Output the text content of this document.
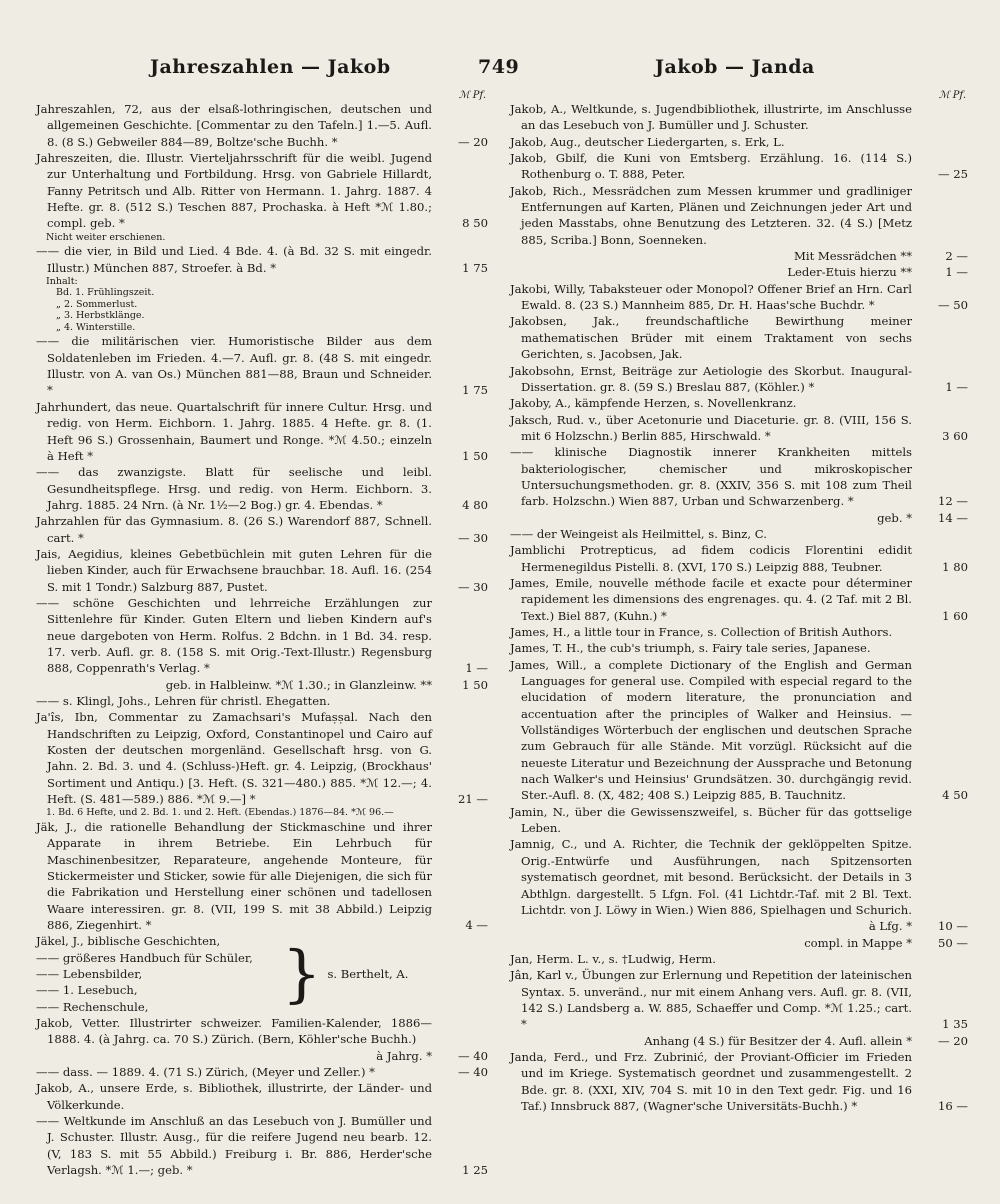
Jahreszahlen — Jakob	749	Jakob — Janda
ℳ Pf.
Jahreszahlen, 72, aus der elsaß-lothringischen, deutschen und allgemeinen Geschichte. [Commentar zu den Tafeln.] 1.—5. Aufl. 8. (8 S.) Gebweiler 884—89, Boltze'sche Buchh. *	— 20
Jahreszeiten, die. Illustr. Vierteljahrsschrift für die weibl. Jugend zur Unterhaltung und Fortbildung. Hrsg. von Gabriele Hillardt, Fanny Petritsch und Alb. Ritter von Hermann. 1. Jahrg. 1887. 4 Hefte. gr. 8. (512 S.) Teschen 887, Prochaska. à Heft *ℳ 1.80.; compl. geb. *	8 50
Nicht weiter erschienen.
—— die vier, in Bild und Lied. 4 Bde. 4. (à Bd. 32 S. mit eingedr. Illustr.) München 887, Stroefer. à Bd. *	1 75
Inhalt:
Bd. 1. Frühlingszeit.
„ 2. Sommerlust.
„ 3. Herbstklänge.
„ 4. Winterstille.
—— die militärischen vier. Humoristische Bilder aus dem Soldatenleben im Frieden. 4.—7. Aufl. gr. 8. (48 S. mit eingedr. Illustr. von A. van Os.) München 881—88, Braun und Schneider. *	1 75
Jahrhundert, das neue. Quartalschrift für innere Cultur. Hrsg. und redig. von Herm. Eichborn. 1. Jahrg. 1885. 4 Hefte. gr. 8. (1. Heft 96 S.) Grossenhain, Baumert und Ronge. *ℳ 4.50.; einzeln à Heft *	1 50
—— das zwanzigste. Blatt für seelische und leibl. Gesundheitspflege. Hrsg. und redig. von Herm. Eichborn. 3. Jahrg. 1885. 24 Nrn. (à Nr. 1½—2 Bog.) gr. 4. Ebendas. *	4 80
Jahrzahlen für das Gymnasium. 8. (26 S.) Warendorf 887, Schnell. cart. *	— 30
Jais, Aegidius, kleines Gebetbüchlein mit guten Lehren für die lieben Kinder, auch für Erwachsene brauchbar. 18. Aufl. 16. (254 S. mit 1 Tondr.) Salzburg 887, Pustet.	— 30
—— schöne Geschichten und lehrreiche Erzählungen zur Sittenlehre für Kinder. Guten Eltern und lieben Kindern auf's neue dargeboten von Herm. Rolfus. 2 Bdchn. in 1 Bd. 34. resp. 17. verb. Aufl. gr. 8. (158 S. mit Orig.-Text-Illustr.) Regensburg 888, Coppenrath's Verlag. *	1 —
geb. in Halbleinw. *ℳ 1.30.; in Glanzleinw. **	1 50
—— s. Klingl, Johs., Lehren für christl. Ehegatten.
Ja'îs, Ibn, Commentar zu Zamachsari's Mufaṣṣal. Nach den Handschriften zu Leipzig, Oxford, Constantinopel und Cairo auf Kosten der deutschen morgenländ. Gesellschaft hrsg. von G. Jahn. 2. Bd. 3. und 4. (Schluss-)Heft. gr. 4. Leipzig, (Brockhaus' Sortiment und Antiqu.) [3. Heft. (S. 321—480.) 885. *ℳ 12.—; 4. Heft. (S. 481—589.) 886. *ℳ 9.—] *	21 —
1. Bd. 6 Hefte, und 2. Bd. 1. und 2. Heft. (Ebendas.) 1876—84. *ℳ 96.—
Jäk, J., die rationelle Behandlung der Stickmaschine und ihrer Apparate in ihrem Betriebe. Ein Lehrbuch für Maschinenbesitzer, Reparateure, angehende Monteure, für Stickermeister und Sticker, sowie für alle Diejenigen, die sich für die Fabrikation und Herstellung einer schönen und tadellosen Waare interessiren. gr. 8. (VII, 199 S. mit 38 Abbild.) Leipzig 886, Ziegenhirt. *	4 —
Jäkel, J., biblische Geschichten,
—— größeres Handbuch für Schüler,
—— Lebensbilder,
—— 1. Lesebuch,
—— Rechenschule,	} s. Berthelt, A.
Jakob, Vetter. Illustrirter schweizer. Familien-Kalender, 1886—1888. 4. (à Jahrg. ca. 70 S.) Zürich. (Bern, Köhler'sche Buchh.)
à Jahrg. *	— 40
—— dass. — 1889. 4. (71 S.) Zürich, (Meyer und Zeller.) *	— 40
Jakob, A., unsere Erde, s. Bibliothek, illustrirte, der Länder- und Völkerkunde.
—— Weltkunde im Anschluß an das Lesebuch von J. Bumüller und J. Schuster. Illustr. Ausg., für die reifere Jugend neu bearb. 12. (V, 183 S. mit 55 Abbild.) Freiburg i. Br. 886, Herder'sche Verlagsh. *ℳ 1.—; geb. *	1 25
ℳ Pf.
Jakob, A., Weltkunde, s. Jugendbibliothek, illustrirte, im Anschlusse an das Lesebuch von J. Bumüller und J. Schuster.
Jakob, Aug., deutscher Liedergarten, s. Erk, L.
Jakob, Gbilf, die Kuni von Emtsberg. Erzählung. 16. (114 S.) Rothenburg o. T. 888, Peter.	— 25
Jakob, Rich., Messrädchen zum Messen krummer und gradliniger Entfernungen auf Karten, Plänen und Zeichnungen jeder Art und jeden Masstabs, ohne Benutzung des Letzteren. 32. (4 S.) [Metz 885, Scriba.] Bonn, Soenneken.
Mit Messrädchen **	2 —
Leder-Etuis hierzu **	1 —
Jakobi, Willy, Tabaksteuer oder Monopol? Offener Brief an Hrn. Carl Ewald. 8. (23 S.) Mannheim 885, Dr. H. Haas'sche Buchdr. *	— 50
Jakobsen, Jak., freundschaftliche Bewirthung meiner mathematischen Brüder mit einem Traktament von sechs Gerichten, s. Jacobsen, Jak.
Jakobsohn, Ernst, Beiträge zur Aetiologie des Skorbut. Inaugural-Dissertation. gr. 8. (59 S.) Breslau 887, (Köhler.) *	1 —
Jakoby, A., kämpfende Herzen, s. Novellenkranz.
Jaksch, Rud. v., über Acetonurie und Diaceturie. gr. 8. (VIII, 156 S. mit 6 Holzschn.) Berlin 885, Hirschwald. *	3 60
—— klinische Diagnostik innerer Krankheiten mittels bakteriologischer, chemischer und mikroskopischer Untersuchungsmethoden. gr. 8. (XXIV, 356 S. mit 108 zum Theil farb. Holzschn.) Wien 887, Urban und Schwarzenberg. *	12 —
geb. *	14 —
—— der Weingeist als Heilmittel, s. Binz, C.
Jamblichi Protrepticus, ad fidem codicis Florentini edidit Hermenegildus Pistelli. 8. (XVI, 170 S.) Leipzig 888, Teubner.	1 80
James, Emile, nouvelle méthode facile et exacte pour déterminer rapidement les dimensions des engrenages. qu. 4. (2 Taf. mit 2 Bl. Text.) Biel 887, (Kuhn.) *	1 60
James, H., a little tour in France, s. Collection of British Authors.
James, T. H., the cub's triumph, s. Fairy tale series, Japanese.
James, Will., a complete Dictionary of the English and German Languages for general use. Compiled with especial regard to the elucidation of modern literature, the pronunciation and accentuation after the principles of Walker and Heinsius. — Vollständiges Wörterbuch der englischen und deutschen Sprache zum Gebrauch für alle Stände. Mit vorzügl. Rücksicht auf die neueste Literatur und Bezeichnung der Aussprache und Betonung nach Walker's und Heinsius' Grundsätzen. 30. durchgängig revid. Ster.-Aufl. 8. (X, 482; 408 S.) Leipzig 885, B. Tauchnitz.	4 50
Jamin, N., über die Gewissenszweifel, s. Bücher für das gottselige Leben.
Jamnig, C., und A. Richter, die Technik der geklöppelten Spitze. Orig.-Entwürfe und Ausführungen, nach Spitzensorten systematisch geordnet, mit besond. Berücksicht. der Details in 3 Abthlgn. dargestellt. 5 Lfgn. Fol. (41 Lichtdr.-Taf. mit 2 Bl. Text. Lichtdr. von J. Löwy in Wien.) Wien 886, Spielhagen und Schurich.
à Lfg. *	10 —
compl. in Mappe *	50 —
Jan, Herm. L. v., s. †Ludwig, Herm.
Jân, Karl v., Übungen zur Erlernung und Repetition der lateinischen Syntax. 5. unveränd., nur mit einem Anhang vers. Aufl. gr. 8. (VII, 142 S.) Landsberg a. W. 885, Schaeffer und Comp. *ℳ 1.25.; cart. *	1 35
Anhang (4 S.) für Besitzer der 4. Aufl. allein *	— 20
Janda, Ferd., und Frz. Zubrinić, der Proviant-Officier im Frieden und im Kriege. Systematisch geordnet und zusammengestellt. 2 Bde. gr. 8. (XXI, XIV, 704 S. mit 10 in den Text gedr. Fig. und 16 Taf.) Innsbruck 887, (Wagner'sche Universitäts-Buchh.) *	16 —
